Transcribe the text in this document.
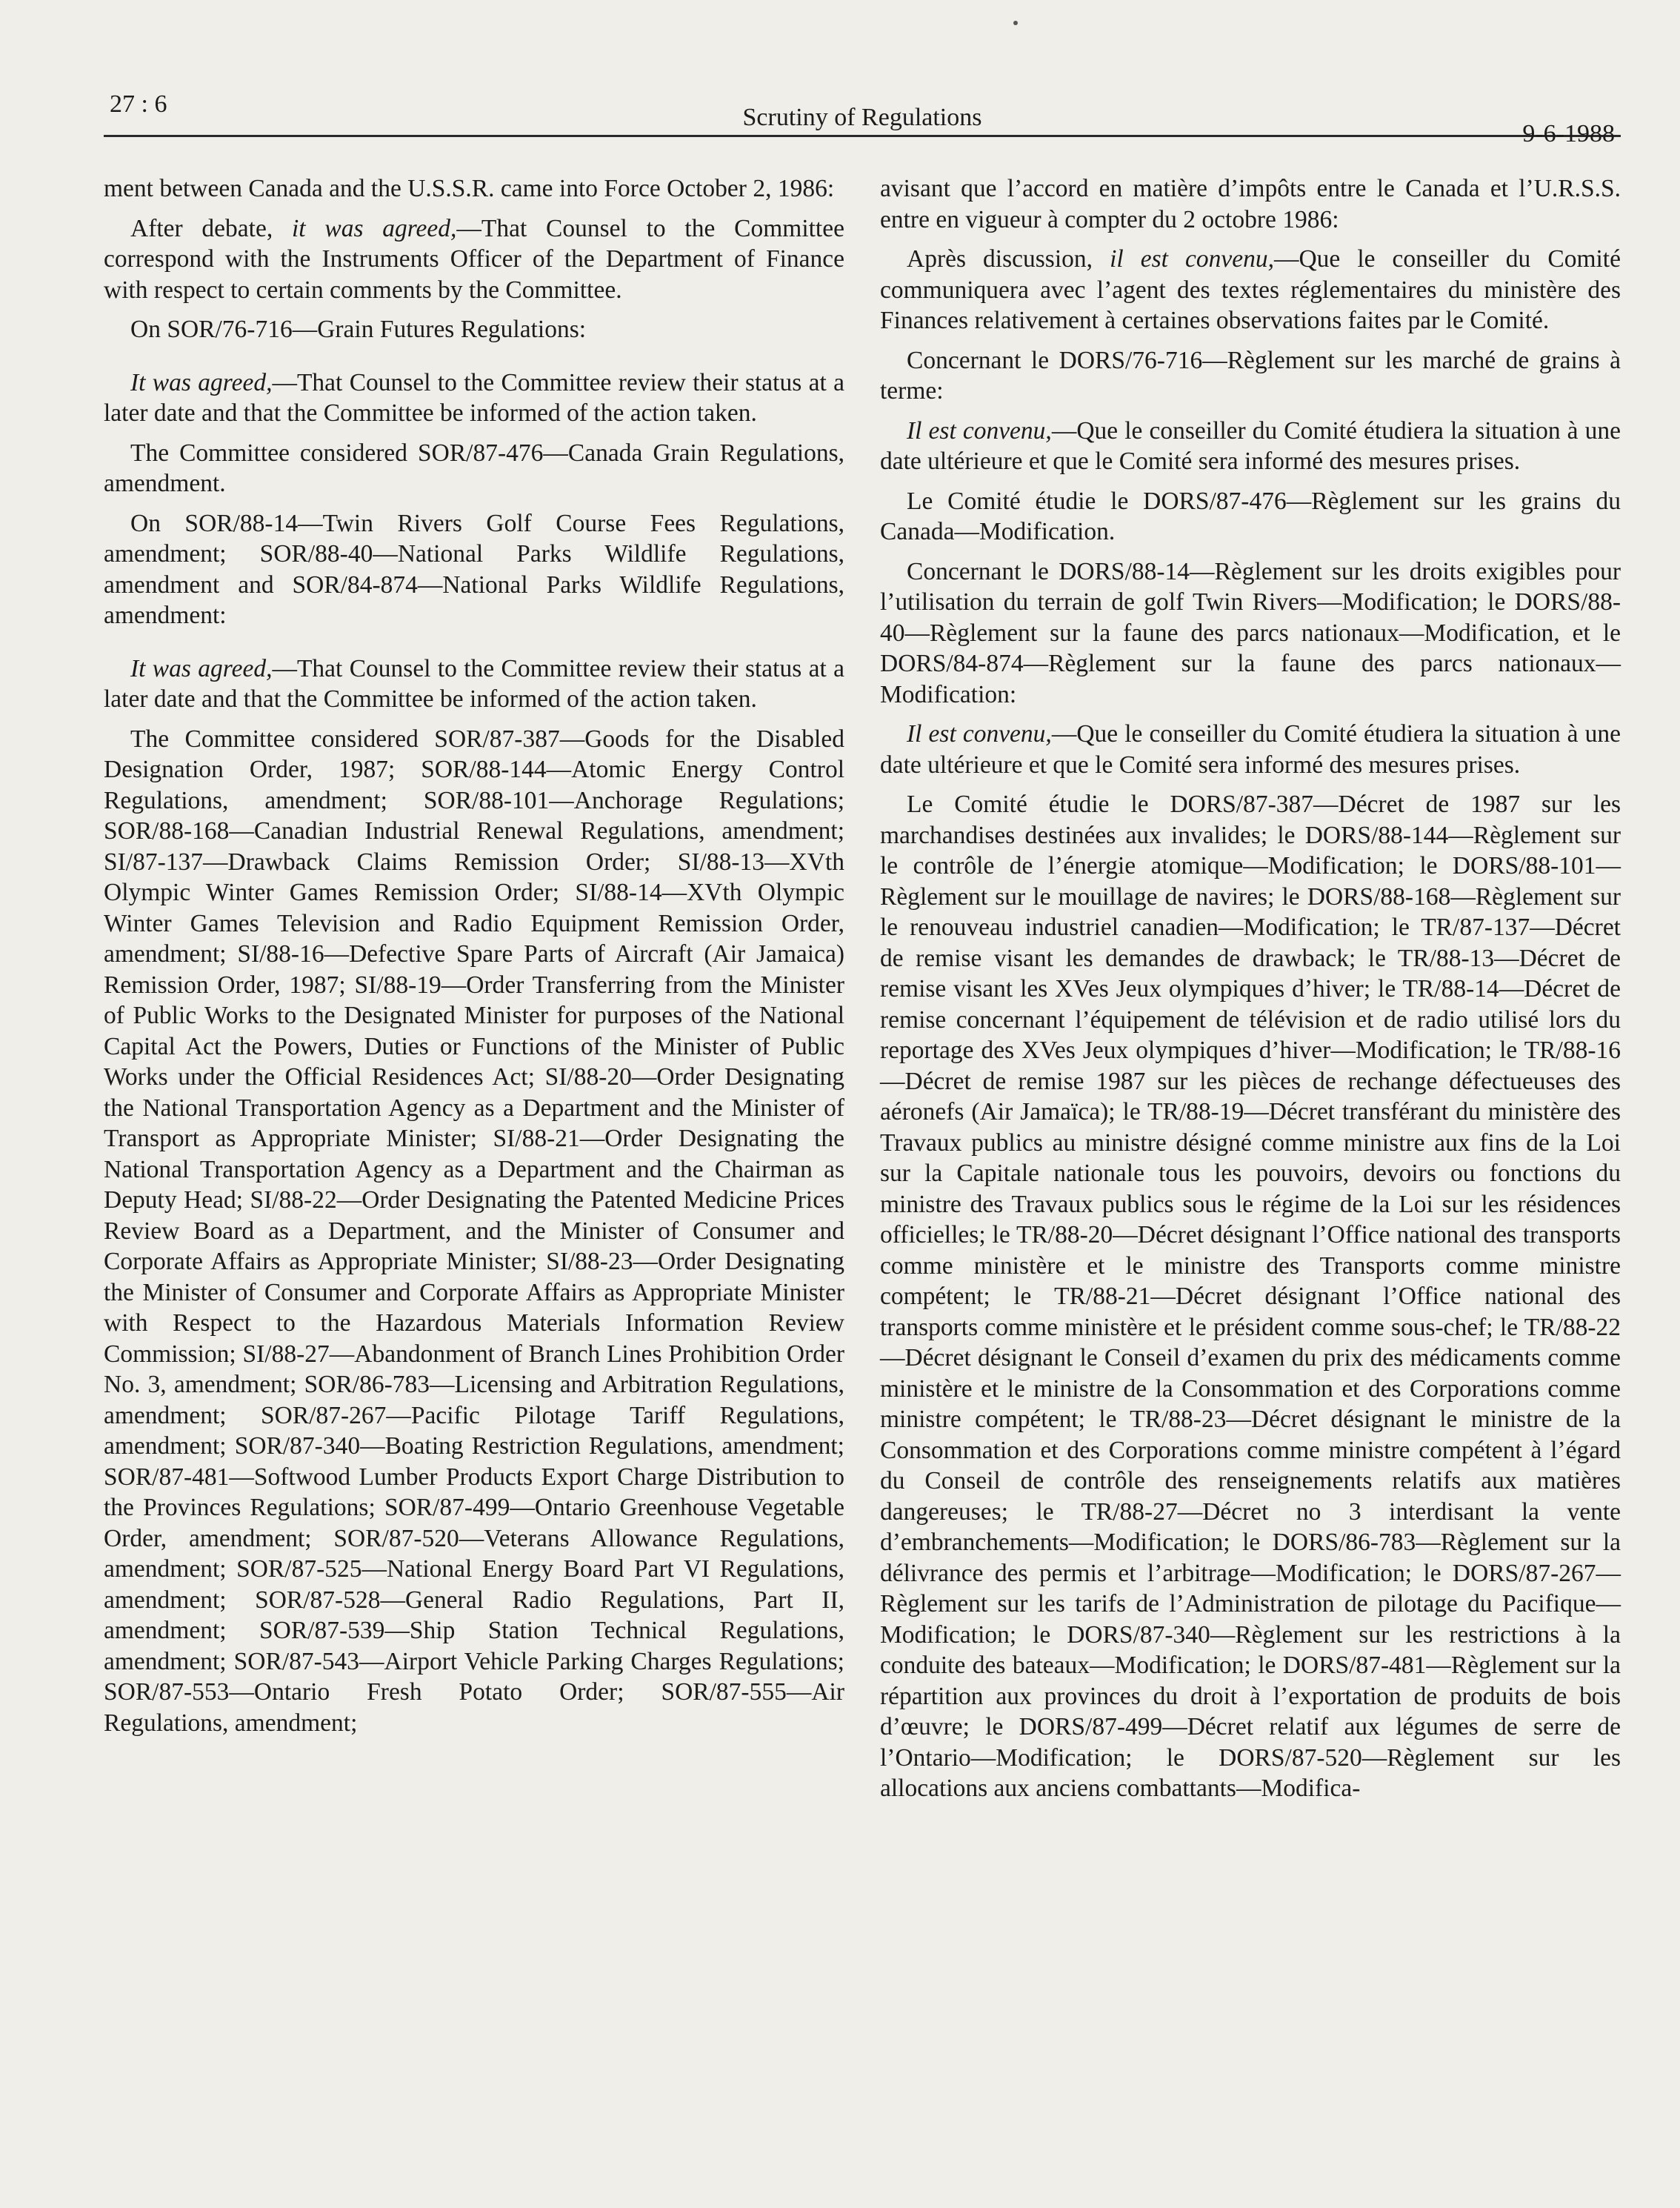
27 : 6	Scrutiny of Regulations
9-6-1988

ment between Canada and the U.S.S.R. came into Force October 2, 1986:

After debate, it was agreed,—That Counsel to the Committee correspond with the Instruments Officer of the Department of Finance with respect to certain comments by the Committee.

On SOR/76-716—Grain Futures Regulations:

It was agreed,—That Counsel to the Committee review their status at a later date and that the Committee be informed of the action taken.

The Committee considered SOR/87-476—Canada Grain Regulations, amendment.

On SOR/88-14—Twin Rivers Golf Course Fees Regulations, amendment; SOR/88-40—National Parks Wildlife Regulations, amendment and SOR/84-874—National Parks Wildlife Regulations, amendment:

It was agreed,—That Counsel to the Committee review their status at a later date and that the Committee be informed of the action taken.

The Committee considered SOR/87-387—Goods for the Disabled Designation Order, 1987; SOR/88-144—Atomic Energy Control Regulations, amendment; SOR/88-101—Anchorage Regulations; SOR/88-168—Canadian Industrial Renewal Regulations, amendment; SI/87-137—Drawback Claims Remission Order; SI/88-13—XVth Olympic Winter Games Remission Order; SI/88-14—XVth Olympic Winter Games Television and Radio Equipment Remission Order, amendment; SI/88-16—Defective Spare Parts of Aircraft (Air Jamaica) Remission Order, 1987; SI/88-19—Order Transferring from the Minister of Public Works to the Designated Minister for purposes of the National Capital Act the Powers, Duties or Functions of the Minister of Public Works under the Official Residences Act; SI/88-20—Order Designating the National Transportation Agency as a Department and the Minister of Transport as Appropriate Minister; SI/88-21—Order Designating the National Transportation Agency as a Department and the Chairman as Deputy Head; SI/88-22—Order Designating the Patented Medicine Prices Review Board as a Department, and the Minister of Consumer and Corporate Affairs as Appropriate Minister; SI/88-23—Order Designating the Minister of Consumer and Corporate Affairs as Appropriate Minister with Respect to the Hazardous Materials Information Review Commission; SI/88-27—Abandonment of Branch Lines Prohibition Order No. 3, amendment; SOR/86-783—Licensing and Arbitration Regulations, amendment; SOR/87-267—Pacific Pilotage Tariff Regulations, amendment; SOR/87-340—Boating Restriction Regulations, amendment; SOR/87-481—Softwood Lumber Products Export Charge Distribution to the Provinces Regulations; SOR/87-499—Ontario Greenhouse Vegetable Order, amendment; SOR/87-520—Veterans Allowance Regulations, amendment; SOR/87-525—National Energy Board Part VI Regulations, amendment; SOR/87-528—General Radio Regulations, Part II, amendment; SOR/87-539—Ship Station Technical Regulations, amendment; SOR/87-543—Airport Vehicle Parking Charges Regulations; SOR/87-553—Ontario Fresh Potato Order; SOR/87-555—Air Regulations, amendment;

avisant que l’accord en matière d’impôts entre le Canada et l’U.R.S.S. entre en vigueur à compter du 2 octobre 1986:

Après discussion, il est convenu,—Que le conseiller du Comité communiquera avec l’agent des textes réglementaires du ministère des Finances relativement à certaines observations faites par le Comité.

Concernant le DORS/76-716—Règlement sur les marché de grains à terme:

Il est convenu,—Que le conseiller du Comité étudiera la situation à une date ultérieure et que le Comité sera informé des mesures prises.

Le Comité étudie le DORS/87-476—Règlement sur les grains du Canada—Modification.

Concernant le DORS/88-14—Règlement sur les droits exigibles pour l’utilisation du terrain de golf Twin Rivers—Modification; le DORS/88-40—Règlement sur la faune des parcs nationaux—Modification, et le DORS/84-874—Règlement sur la faune des parcs nationaux—Modification:

Il est convenu,—Que le conseiller du Comité étudiera la situation à une date ultérieure et que le Comité sera informé des mesures prises.

Le Comité étudie le DORS/87-387—Décret de 1987 sur les marchandises destinées aux invalides; le DORS/88-144—Règlement sur le contrôle de l’énergie atomique—Modification; le DORS/88-101—Règlement sur le mouillage de navires; le DORS/88-168—Règlement sur le renouveau industriel canadien—Modification; le TR/87-137—Décret de remise visant les demandes de drawback; le TR/88-13—Décret de remise visant les XVes Jeux olympiques d’hiver; le TR/88-14—Décret de remise concernant l’équipement de télévision et de radio utilisé lors du reportage des XVes Jeux olympiques d’hiver—Modification; le TR/88-16—Décret de remise 1987 sur les pièces de rechange défectueuses des aéronefs (Air Jamaïca); le TR/88-19—Décret transférant du ministère des Travaux publics au ministre désigné comme ministre aux fins de la Loi sur la Capitale nationale tous les pouvoirs, devoirs ou fonctions du ministre des Travaux publics sous le régime de la Loi sur les résidences officielles; le TR/88-20—Décret désignant l’Office national des transports comme ministère et le ministre des Transports comme ministre compétent; le TR/88-21—Décret désignant l’Office national des transports comme ministère et le président comme sous-chef; le TR/88-22—Décret désignant le Conseil d’examen du prix des médicaments comme ministère et le ministre de la Consommation et des Corporations comme ministre compétent; le TR/88-23—Décret désignant le ministre de la Consommation et des Corporations comme ministre compétent à l’égard du Conseil de contrôle des renseignements relatifs aux matières dangereuses; le TR/88-27—Décret no 3 interdisant la vente d’embranchements—Modification; le DORS/86-783—Règlement sur la délivrance des permis et l’arbitrage—Modification; le DORS/87-267—Règlement sur les tarifs de l’Administration de pilotage du Pacifique—Modification; le DORS/87-340—Règlement sur les restrictions à la conduite des bateaux—Modification; le DORS/87-481—Règlement sur la répartition aux provinces du droit à l’exportation de produits de bois d’œuvre; le DORS/87-499—Décret relatif aux légumes de serre de l’Ontario—Modification; le DORS/87-520—Règlement sur les allocations aux anciens combattants—Modifica-
